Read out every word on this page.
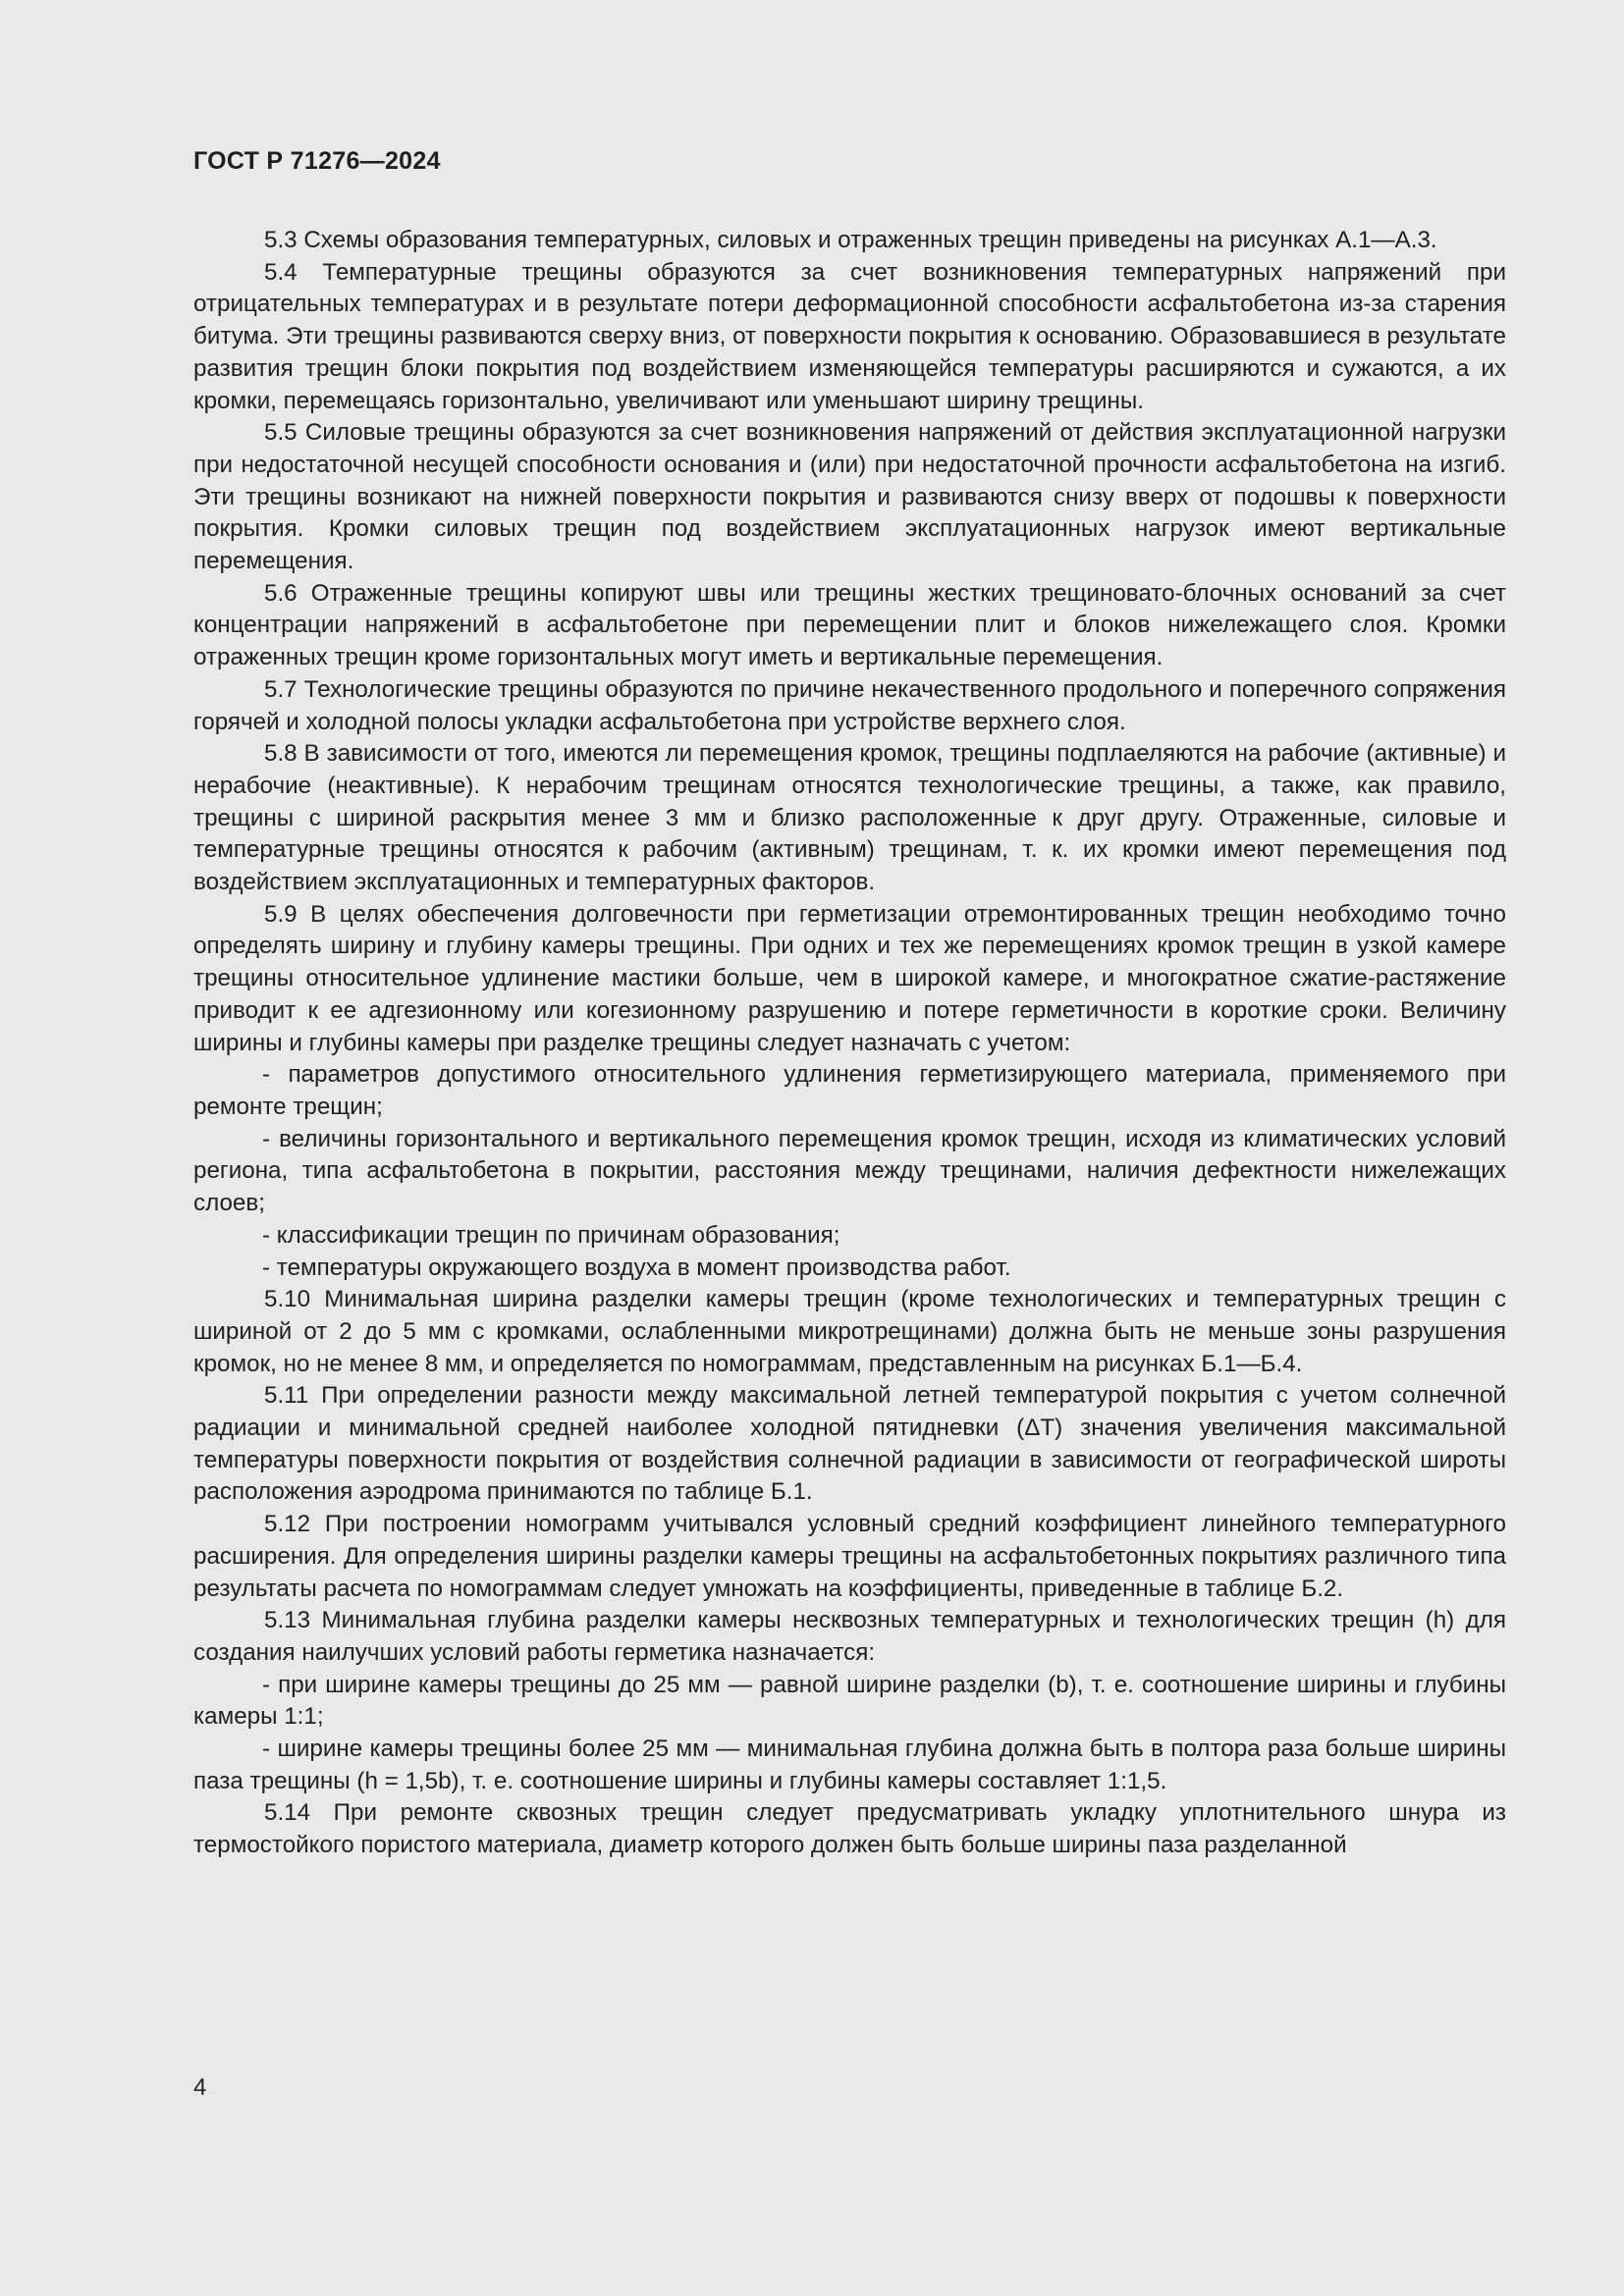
ГОСТ Р 71276—2024

5.3 Схемы образования температурных, силовых и отраженных трещин приведены на рисунках А.1—А.3.

5.4 Температурные трещины образуются за счет возникновения температурных напряжений при отрицательных температурах и в результате потери деформационной способности асфальтобетона из-за старения битума. Эти трещины развиваются сверху вниз, от поверхности покрытия к основанию. Образовавшиеся в результате развития трещин блоки покрытия под воздействием изменяющейся температуры расширяются и сужаются, а их кромки, перемещаясь горизонтально, увеличивают или уменьшают ширину трещины.

5.5 Силовые трещины образуются за счет возникновения напряжений от действия эксплуатационной нагрузки при недостаточной несущей способности основания и (или) при недостаточной прочности асфальтобетона на изгиб. Эти трещины возникают на нижней поверхности покрытия и развиваются снизу вверх от подошвы к поверхности покрытия. Кромки силовых трещин под воздействием эксплуатационных нагрузок имеют вертикальные перемещения.

5.6 Отраженные трещины копируют швы или трещины жестких трещиновато-блочных оснований за счет концентрации напряжений в асфальтобетоне при перемещении плит и блоков нижележащего слоя. Кромки отраженных трещин кроме горизонтальных могут иметь и вертикальные перемещения.

5.7 Технологические трещины образуются по причине некачественного продольного и поперечного сопряжения горячей и холодной полосы укладки асфальтобетона при устройстве верхнего слоя.

5.8 В зависимости от того, имеются ли перемещения кромок, трещины подплаеляются на рабочие (активные) и нерабочие (неактивные). К нерабочим трещинам относятся технологические трещины, а также, как правило, трещины с шириной раскрытия менее 3 мм и близко расположенные к друг другу. Отраженные, силовые и температурные трещины относятся к рабочим (активным) трещинам, т. к. их кромки имеют перемещения под воздействием эксплуатационных и температурных факторов.

5.9 В целях обеспечения долговечности при герметизации отремонтированных трещин необходимо точно определять ширину и глубину камеры трещины. При одних и тех же перемещениях кромок трещин в узкой камере трещины относительное удлинение мастики больше, чем в широкой камере, и многократное сжатие-растяжение приводит к ее адгезионному или когезионному разрушению и потере герметичности в короткие сроки. Величину ширины и глубины камеры при разделке трещины следует назначать с учетом:

- параметров допустимого относительного удлинения герметизирующего материала, применяемого при ремонте трещин;

- величины горизонтального и вертикального перемещения кромок трещин, исходя из климатических условий региона, типа асфальтобетона в покрытии, расстояния между трещинами, наличия дефектности нижележащих слоев;

- классификации трещин по причинам образования;

- температуры окружающего воздуха в момент производства работ.

5.10 Минимальная ширина разделки камеры трещин (кроме технологических и температурных трещин с шириной от 2 до 5 мм с кромками, ослабленными микротрещинами) должна быть не меньше зоны разрушения кромок, но не менее 8 мм, и определяется по номограммам, представленным на рисунках Б.1—Б.4.

5.11 При определении разности между максимальной летней температурой покрытия с учетом солнечной радиации и минимальной средней наиболее холодной пятидневки (ΔT) значения увеличения максимальной температуры поверхности покрытия от воздействия солнечной радиации в зависимости от географической широты расположения аэродрома принимаются по таблице Б.1.

5.12 При построении номограмм учитывался условный средний коэффициент линейного температурного расширения. Для определения ширины разделки камеры трещины на асфальтобетонных покрытиях различного типа результаты расчета по номограммам следует умножать на коэффициенты, приведенные в таблице Б.2.

5.13 Минимальная глубина разделки камеры несквозных температурных и технологических трещин (h) для создания наилучших условий работы герметика назначается:

- при ширине камеры трещины до 25 мм — равной ширине разделки (b), т. е. соотношение ширины и глубины камеры 1:1;

- ширине камеры трещины более 25 мм — минимальная глубина должна быть в полтора раза больше ширины паза трещины (h = 1,5b), т. е. соотношение ширины и глубины камеры составляет 1:1,5.

5.14 При ремонте сквозных трещин следует предусматривать укладку уплотнительного шнура из термостойкого пористого материала, диаметр которого должен быть больше ширины паза разделанной

4
